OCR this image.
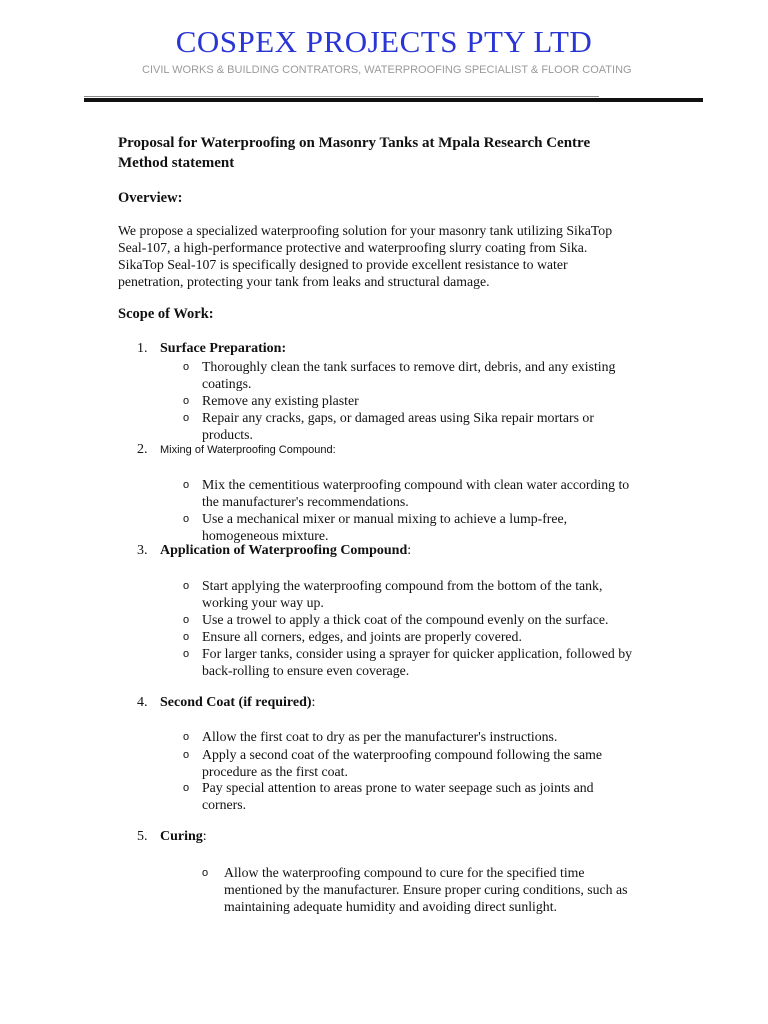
COSPEX PROJECTS PTY LTD
CIVIL WORKS & BUILDING CONTRATORS, WATERPROOFING SPECIALIST & FLOOR COATING
Proposal for Waterproofing on Masonry Tanks at Mpala Research Centre
Method statement
Overview:
We propose a specialized waterproofing solution for your masonry tank utilizing SikaTop
Seal-107, a high-performance protective and waterproofing slurry coating from Sika.
SikaTop Seal-107 is specifically designed to provide excellent resistance to water
penetration, protecting your tank from leaks and structural damage.
Scope of Work:
1. Surface Preparation:
o Thoroughly clean the tank surfaces to remove dirt, debris, and any existing
coatings.
o Remove any existing plaster
o Repair any cracks, gaps, or damaged areas using Sika repair mortars or
products.
2. Mixing of Waterproofing Compound:
o Mix the cementitious waterproofing compound with clean water according to
the manufacturer's recommendations.
o Use a mechanical mixer or manual mixing to achieve a lump-free,
homogeneous mixture.
3. Application of Waterproofing Compound:
o Start applying the waterproofing compound from the bottom of the tank,
working your way up.
o Use a trowel to apply a thick coat of the compound evenly on the surface.
o Ensure all corners, edges, and joints are properly covered.
o For larger tanks, consider using a sprayer for quicker application, followed by
back-rolling to ensure even coverage.
4. Second Coat (if required):
o Allow the first coat to dry as per the manufacturer's instructions.
o Apply a second coat of the waterproofing compound following the same
procedure as the first coat.
o Pay special attention to areas prone to water seepage such as joints and
corners.
5. Curing:
o Allow the waterproofing compound to cure for the specified time
mentioned by the manufacturer. Ensure proper curing conditions, such as
maintaining adequate humidity and avoiding direct sunlight.
